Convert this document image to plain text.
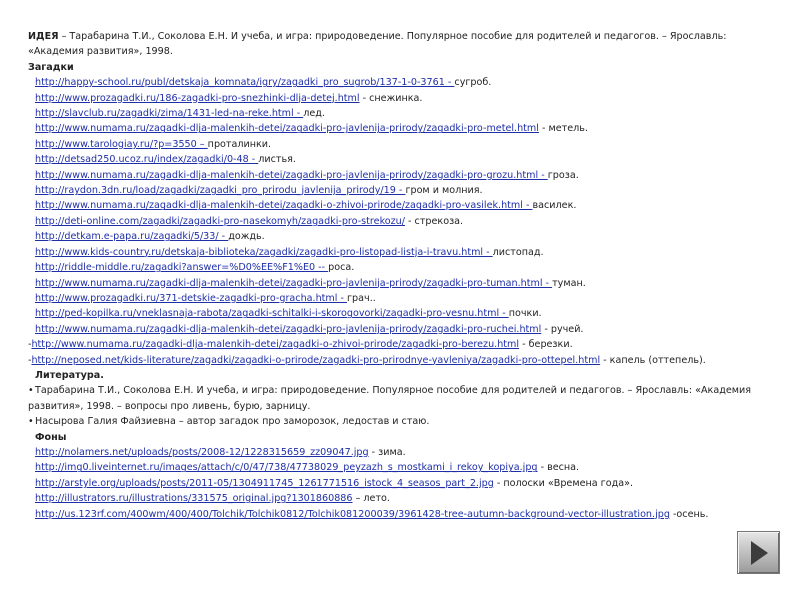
ИДЕЯ – Тарабарина Т.И., Соколова Е.Н. И учеба, и игра: природоведение. Популярное пособие для родителей и педагогов. – Ярославль: «Академия развития», 1998.
Загадки
http://happy-school.ru/publ/detskaja_komnata/igry/zagadki_pro_sugrob/137-1-0-3761 - сугроб.
http://www.prozagadki.ru/186-zagadki-pro-snezhinki-dlja-detej.html - снежинка.
http://slavclub.ru/zagadki/zima/1431-led-na-reke.html - лед.
http://www.numama.ru/zagadki-dlja-malenkih-detei/zagadki-pro-javlenija-prirody/zagadki-pro-metel.html - метель.
http://www.tarologiay.ru/?p=3550 – проталинки.
http://detsad250.ucoz.ru/index/zagadki/0-48 - листья.
http://www.numama.ru/zagadki-dlja-malenkih-detei/zagadki-pro-javlenija-prirody/zagadki-pro-grozu.html - гроза.
http://raydon.3dn.ru/load/zagadki/zagadki_pro_prirodu_javlenija_prirody/19 - гром и молния.
http://www.numama.ru/zagadki-dlja-malenkih-detei/zagadki-o-zhivoi-prirode/zagadki-pro-vasilek.html - василек.
http://deti-online.com/zagadki/zagadki-pro-nasekomyh/zagadki-pro-strekozu/ - стрекоза.
http://detkam.e-papa.ru/zagadki/5/33/ - дождь.
http://www.kids-country.ru/detskaja-biblioteka/zagadki/zagadki-pro-listopad-listja-i-travu.html - листопад.
http://riddle-middle.ru/zagadki?answer=%D0%EE%F1%E0 -- роса.
http://www.numama.ru/zagadki-dlja-malenkih-detei/zagadki-pro-javlenija-prirody/zagadki-pro-tuman.html - туман.
http://www.prozagadki.ru/371-detskie-zagadki-pro-gracha.html - грач..
http://ped-kopilka.ru/vneklasnaja-rabota/zagadki-schitalki-i-skorogovorki/zagadki-pro-vesnu.html - почки.
http://www.numama.ru/zagadki-dlja-malenkih-detei/zagadki-pro-javlenija-prirody/zagadki-pro-ruchei.html - ручей.
-http://www.numama.ru/zagadki-dlja-malenkih-detei/zagadki-o-zhivoi-prirode/zagadki-pro-berezu.html - березки.
-http://neposed.net/kids-literature/zagadki/zagadki-o-prirode/zagadki-pro-prirodnye-yavleniya/zagadki-pro-ottepel.html - капель (оттепель).
Литература.
•Тарабарина Т.И., Соколова Е.Н. И учеба, и игра: природоведение. Популярное пособие для родителей и педагогов. – Ярославль: «Академия развития», 1998. – вопросы про ливень, бурю, зарницу.
•Насырова Галия Файзиевна – автор загадок про заморозок, ледостав и стаю.
Фоны
http://nolamers.net/uploads/posts/2008-12/1228315659_zz09047.jpg - зима.
http://img0.liveinternet.ru/images/attach/c/0/47/738/47738029_peyzazh_s_mostkami_i_rekoy_kopiya.jpg - весна.
http://arstyle.org/uploads/posts/2011-05/1304911745_1261771516_istock_4_seasos_part_2.jpg - полоски «Времена года».
http://illustrators.ru/illustrations/331575_original.jpg?1301860886 – лето.
http://us.123rf.com/400wm/400/400/Tolchik/Tolchik0812/Tolchik081200039/3961428-tree-autumn-background-vector-illustration.jpg -осень.
